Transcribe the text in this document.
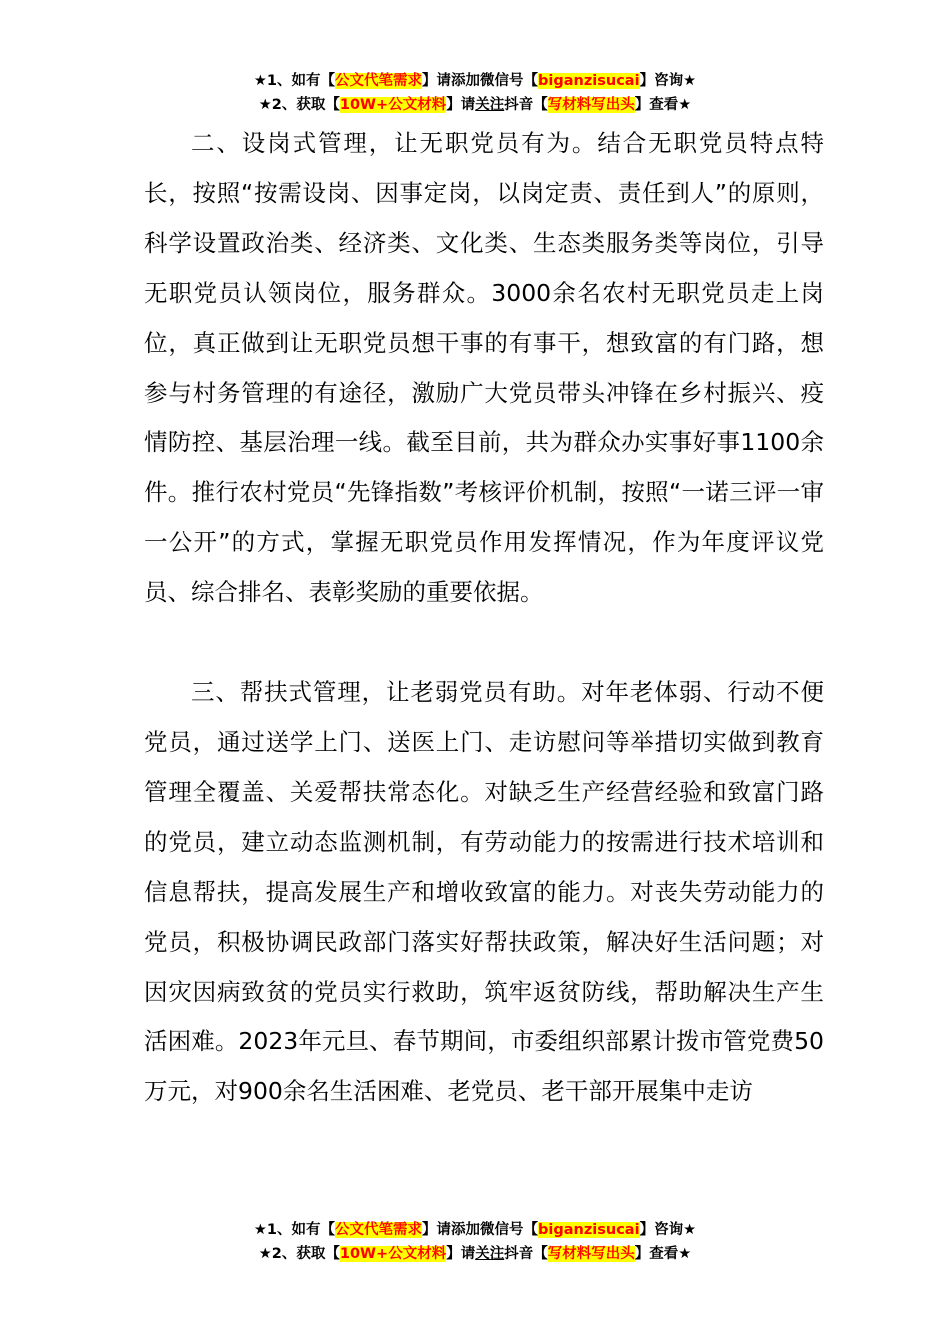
★1、如有【公文代笔需求】请添加微信号【biganzisucai】咨询★
★2、获取【10W+公文材料】请关注抖音【写材料写出头】查看★

二、设岗式管理，让无职党员有为。结合无职党员特点特长，按照“按需设岗、因事定岗，以岗定责、责任到人”的原则，科学设置政治类、经济类、文化类、生态类服务类等岗位，引导无职党员认领岗位，服务群众。3000余名农村无职党员走上岗位，真正做到让无职党员想干事的有事干，想致富的有门路，想参与村务管理的有途径，激励广大党员带头冲锋在乡村振兴、疫情防控、基层治理一线。截至目前，共为群众办实事好事1100余件。推行农村党员“先锋指数”考核评价机制，按照“一诺三评一审一公开”的方式，掌握无职党员作用发挥情况，作为年度评议党员、综合排名、表彰奖励的重要依据。

三、帮扶式管理，让老弱党员有助。对年老体弱、行动不便党员，通过送学上门、送医上门、走访慰问等举措切实做到教育管理全覆盖、关爱帮扶常态化。对缺乏生产经营经验和致富门路的党员，建立动态监测机制，有劳动能力的按需进行技术培训和信息帮扶，提高发展生产和增收致富的能力。对丧失劳动能力的党员，积极协调民政部门落实好帮扶政策，解决好生活问题；对因灾因病致贫的党员实行救助，筑牢返贫防线，帮助解决生产生活困难。2023年元旦、春节期间，市委组织部累计拨市管党费50万元，对900余名生活困难、老党员、老干部开展集中走访

★1、如有【公文代笔需求】请添加微信号【biganzisucai】咨询★
★2、获取【10W+公文材料】请关注抖音【写材料写出头】查看★
